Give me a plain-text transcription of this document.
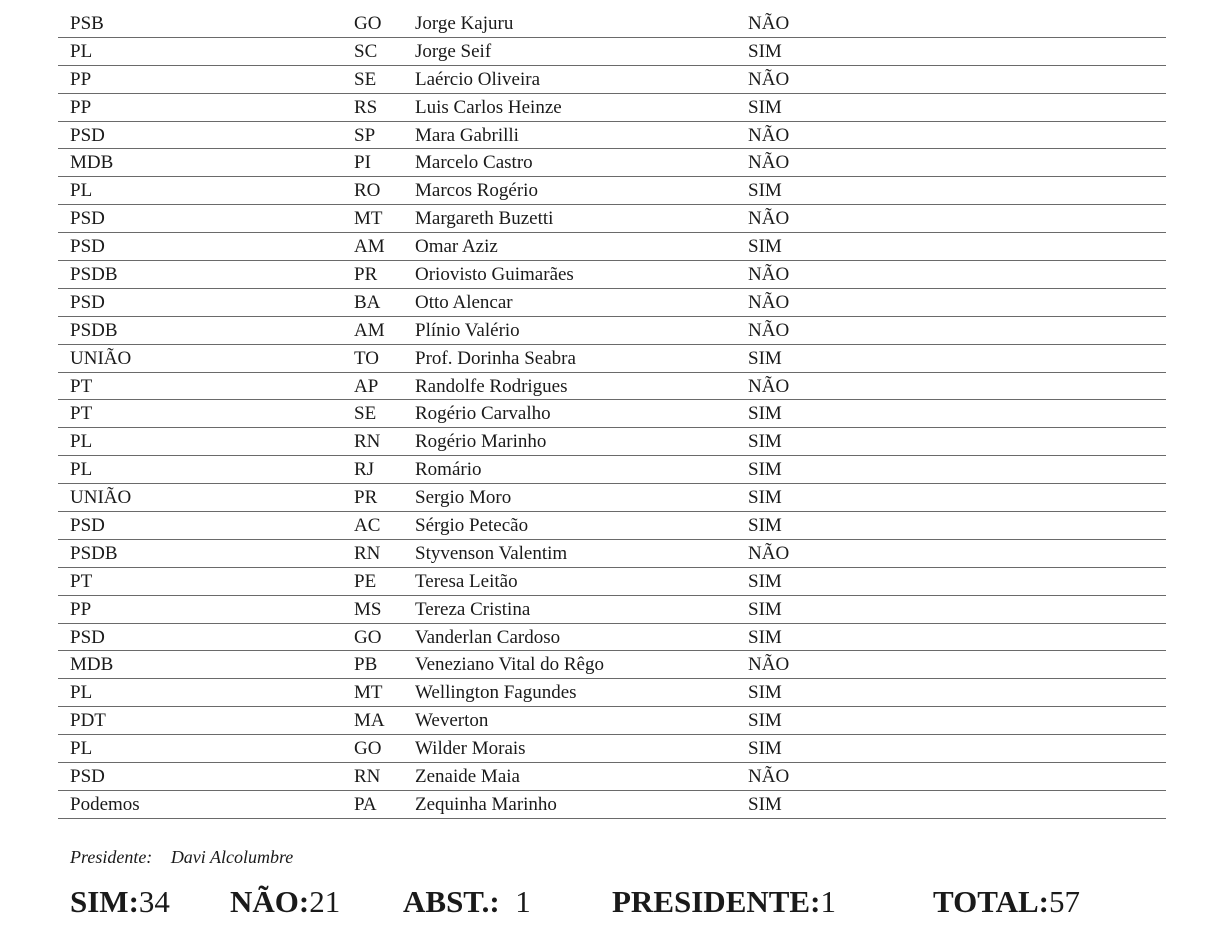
PSB	GO Jorge Kajuru	NÃO
PL	SC Jorge Seif	SIM
PP	SE Laércio Oliveira	NÃO
PP	RS Luis Carlos Heinze	SIM
PSD	SP Mara Gabrilli	NÃO
MDB	PI Marcelo Castro	NÃO
PL	RO Marcos Rogério	SIM
PSD	MT Margareth Buzetti	NÃO
PSD	AM Omar Aziz	SIM
PSDB	PR Oriovisto Guimarães	NÃO
PSD	BA Otto Alencar	NÃO
PSDB	AM Plínio Valério	NÃO
UNIÃO	TO Prof. Dorinha Seabra	SIM
PT	AP Randolfe Rodrigues	NÃO
PT	SE Rogério Carvalho	SIM
PL	RN Rogério Marinho	SIM
PL	RJ Romário	SIM
UNIÃO	PR Sergio Moro	SIM
PSD	AC Sérgio Petecão	SIM
PSDB	RN Styvenson Valentim	NÃO
PT	PE Teresa Leitão	SIM
PP	MS Tereza Cristina	SIM
PSD	GO Vanderlan Cardoso	SIM
MDB	PB Veneziano Vital do Rêgo	NÃO
PL	MT Wellington Fagundes	SIM
PDT	MA Weverton	SIM
PL	GO Wilder Morais	SIM
PSD	RN Zenaide Maia	NÃO
Podemos	PA Zequinha Marinho	SIM
Presidente: Davi Alcolumbre
SIM:34 NÃO:21 ABST.: 1	PRESIDENTE:1	TOTAL:57
